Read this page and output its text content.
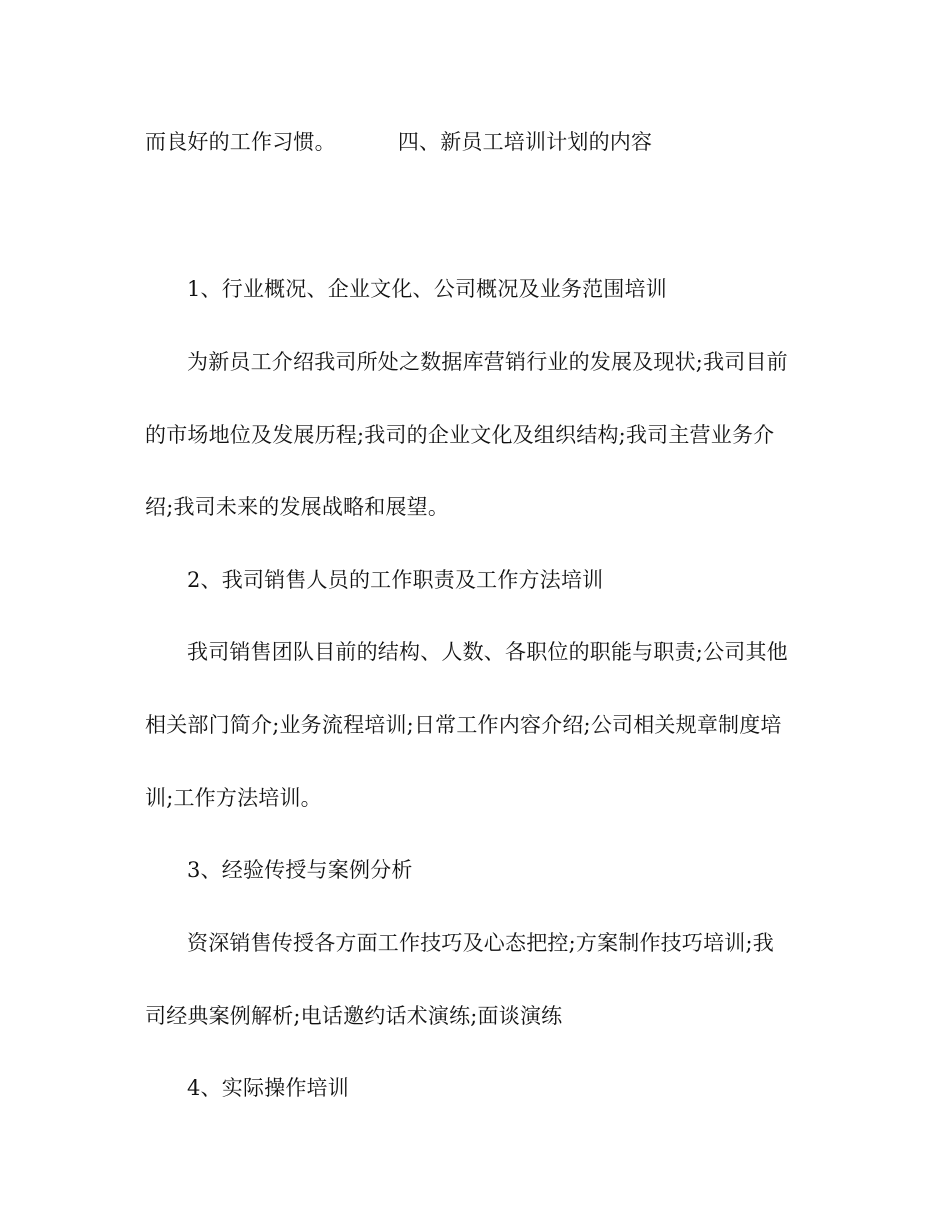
而良好的工作习惯。	四、新员工培训计划的内容
1、行业概况、企业文化、公司概况及业务范围培训
为新员工介绍我司所处之数据库营销行业的发展及现状;我司目前
的市场地位及发展历程;我司的企业文化及组织结构;我司主营业务介
绍;我司未来的发展战略和展望。
2、我司销售人员的工作职责及工作方法培训
我司销售团队目前的结构、人数、各职位的职能与职责;公司其他
相关部门简介;业务流程培训;日常工作内容介绍;公司相关规章制度培
训;工作方法培训。
3、经验传授与案例分析
资深销售传授各方面工作技巧及心态把控;方案制作技巧培训;我
司经典案例解析;电话邀约话术演练;面谈演练
4、实际操作培训
